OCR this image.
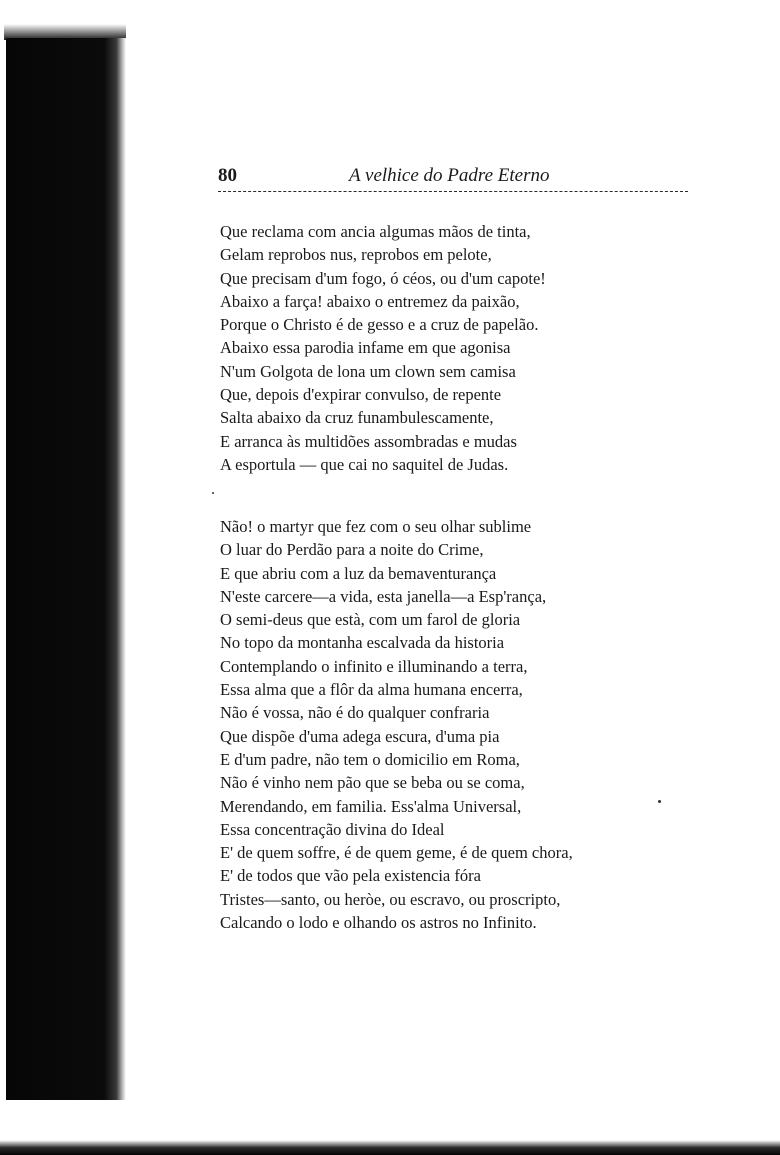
80	A velhice do Padre Eterno
Que reclama com ancia algumas mãos de tinta,
Gelam reprobos nus, reprobos em pelote,
Que precisam d'um fogo, ó céos, ou d'um capote!
Abaixo a farça! abaixo o entremez da paixão,
Porque o Christo é de gesso e a cruz de papelão.
Abaixo essa parodia infame em que agonisa
N'um Golgota de lona um clown sem camisa
Que, depois d'expirar convulso, de repente
Salta abaixo da cruz funambulescamente,
E arranca às multidões assombradas e mudas
A esportula — que cai no saquitel de Judas.
Não! o martyr que fez com o seu olhar sublime
O luar do Perdão para a noite do Crime,
E que abriu com a luz da bemaventurança
N'este carcere—a vida, esta janella—a Esp'rança,
O semi-deus que està, com um farol de gloria
No topo da montanha escalvada da historia
Contemplando o infinito e illuminando a terra,
Essa alma que a flôr da alma humana encerra,
Não é vossa, não é do qualquer confraria
Que dispõe d'uma adega escura, d'uma pia
E d'um padre, não tem o domicilio em Roma,
Não é vinho nem pão que se beba ou se coma,
Merendando, em familia. Ess'alma Universal,
Essa concentração divina do Ideal
E' de quem soffre, é de quem geme, é de quem chora,
E' de todos que vão pela existencia fóra
Tristes—santo, ou heròe, ou escravo, ou proscripto,
Calcando o lodo e olhando os astros no Infinito.
